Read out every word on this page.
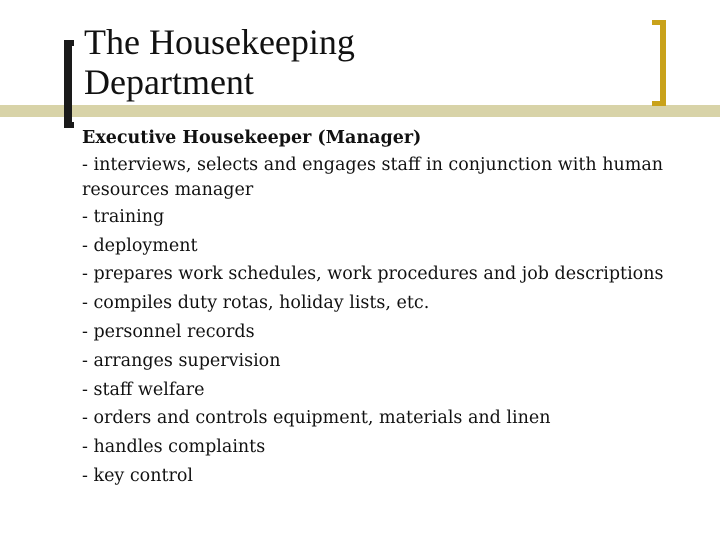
The Housekeeping
Department
Executive Housekeeper (Manager)
- interviews, selects and engages staff in conjunction with human resources manager
- training
- deployment
- prepares work schedules, work procedures and job descriptions
- compiles duty rotas, holiday lists, etc.
- personnel records
- arranges supervision
- staff welfare
- orders and controls equipment, materials and linen
- handles complaints
- key control
